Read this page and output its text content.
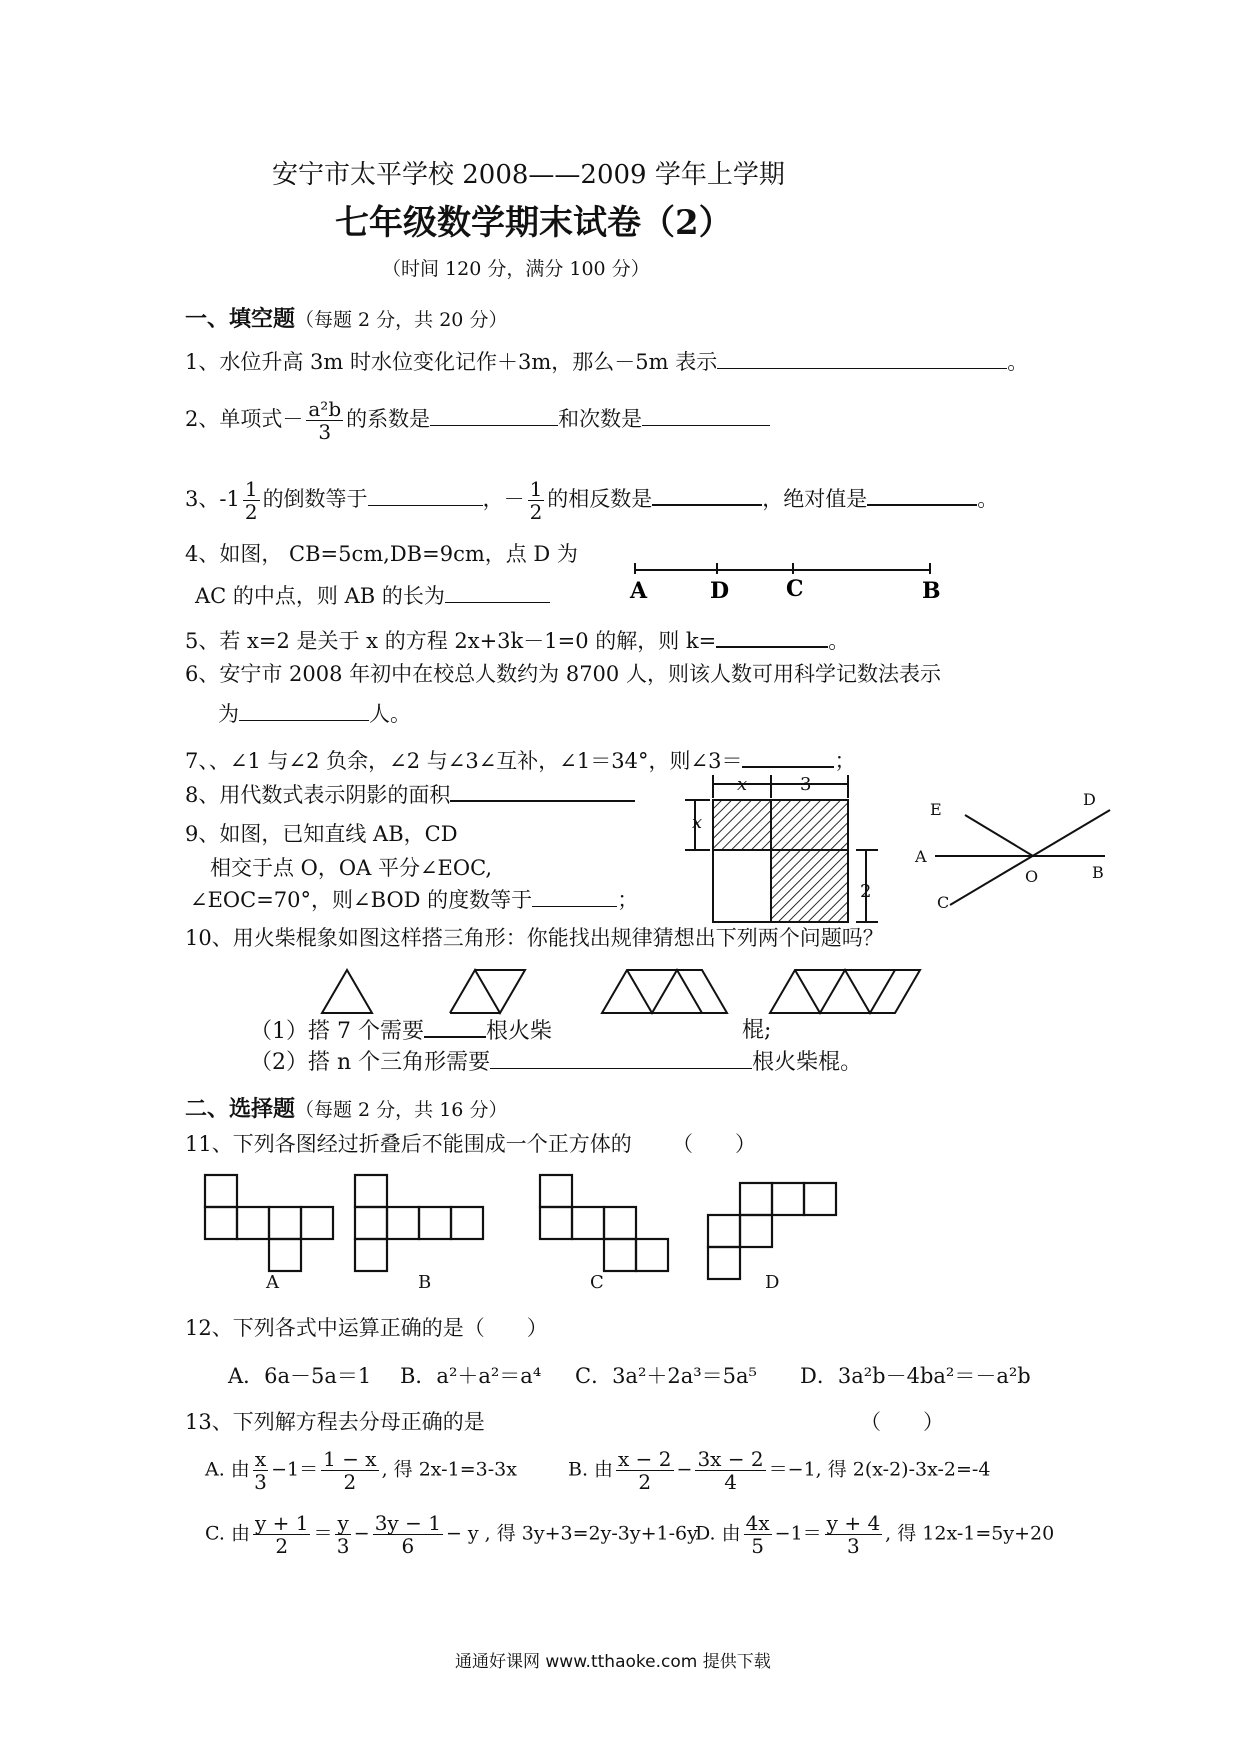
安宁市太平学校 2008——2009 学年上学期
七年级数学期末试卷（2）
（时间 120 分，满分 100 分）
一、填空题（每题 2 分，共 20 分）
1、水位升高 3m 时水位变化记作＋3m，那么－5m 表示	。
2、单项式－ $\frac{\text{a²b}}{3}$ 的系数是	和次数是
3、$-1 \frac{1}{2}$ 的倒数等于	，－ $\frac{1}{2}$ 的相反数是	，绝对值是	。
4、如图， CB=5cm,DB=9cm，点 D 为
AC 的中点，则 AB 的长为	A	D	C	B
5、若 x=2 是关于 x 的方程 2x+3k－1=0 的解，则 k=	。
6、安宁市 2008 年初中在校总人数约为 8700 人，则该人数可用科学记数法表示
为	人。
7、、∠1 与∠2 负余，∠2 与∠3∠互补，∠1＝34°，则∠3＝	；
8、用代数式表示阴影的面积	x	3
x
2
9、如图，已知直线 AB，CD
相交于点 O，OA 平分∠EOC,
∠EOC=70°，则∠BOD 的度数等于	；
E
D
A
B
C
O
10、用火柴棍象如图这样搭三角形：你能找出规律猜想出下列两个问题吗？
（1）搭 7 个需要	根火柴	棍;
（2）搭 n 个三角形需要	根火柴棍。
二、选择题（每题 2 分，共 16 分）
11、下列各图经过折叠后不能围成一个正方体的 （　　）
A	B	C	D
12、下列各式中运算正确的是（　　）
A．6a－5a＝1 B．a²＋a²＝a⁴ C．3a²＋2a³＝5a⁵ D．3a²b－4ba²＝－a²b
13、下列解方程去分母正确的是	（　　）
A. 由 $\frac{x}{3} -1= \frac{1 - x}{2}$ , 得 2x-1=3-3x	B. 由 $\frac{x - 2}{2} - \frac{3x - 2}{4} =-1$, 得 2(x-2)-3x-2=-4
C. 由 $\frac{y + 1}{2} = \frac{y}{3} - \frac{3y - 1}{6} - y$ , 得 3y+3=2y-3y+1-6y
D. 由 $\frac{4x}{5} -1= \frac{y + 4}{3}$ , 得 12x-1=5y+20
通通好课网 www.tthaoke.com 提供下载
